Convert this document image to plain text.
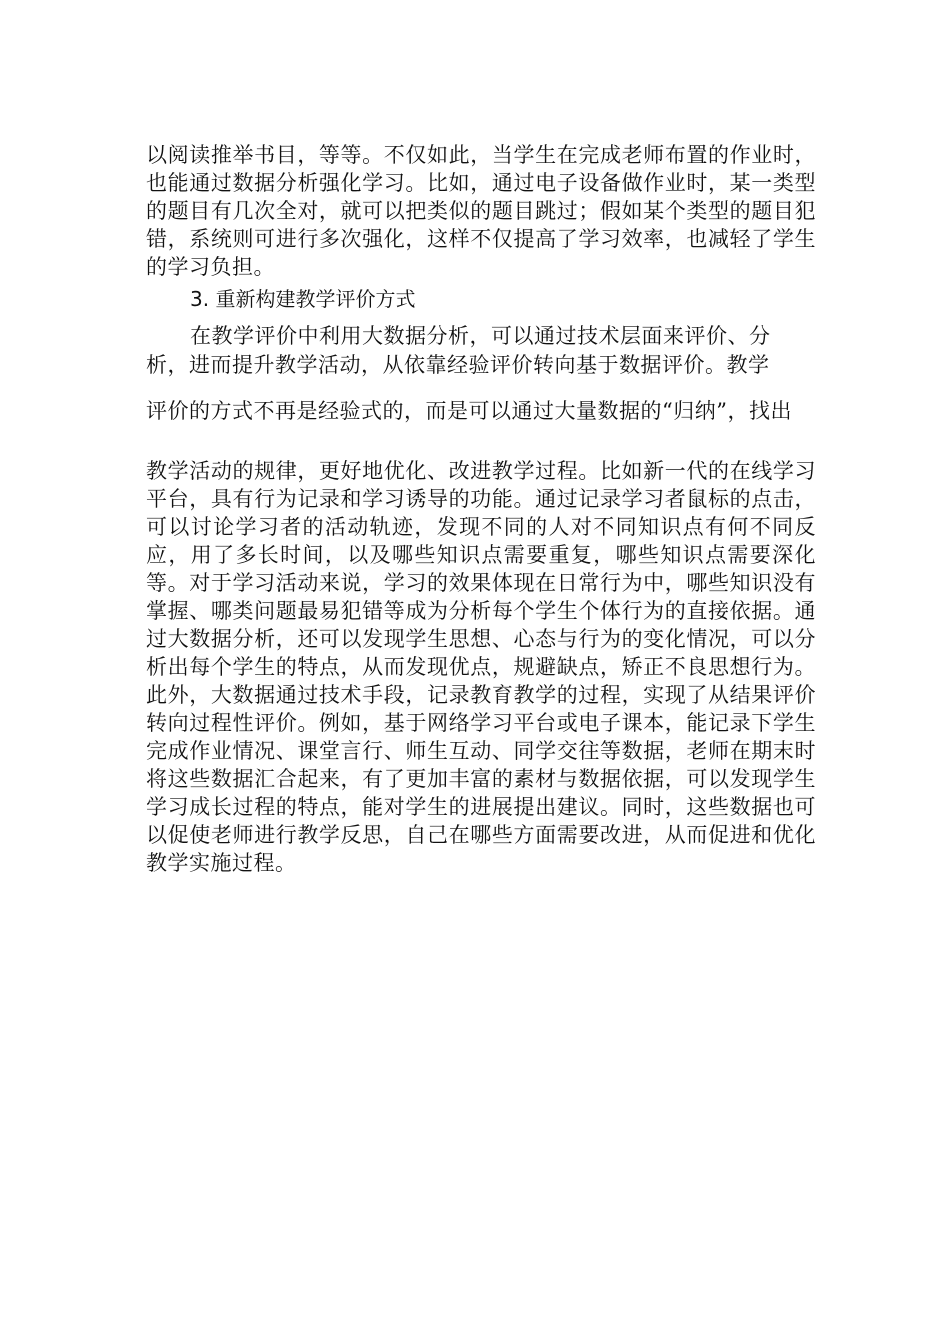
以阅读推举书目，等等。不仅如此，当学生在完成老师布置的作业时，也能通过数据分析强化学习。比如，通过电子设备做作业时，某一类型的题目有几次全对，就可以把类似的题目跳过；假如某个类型的题目犯错，系统则可进行多次强化，这样不仅提高了学习效率，也减轻了学生的学习负担。

3. 重新构建教学评价方式
在教学评价中利用大数据分析，可以通过技术层面来评价、分
析，进而提升教学活动，从依靠经验评价转向基于数据评价。教学
评价的方式不再是经验式的，而是可以通过大量数据的“归纳”，找出

教学活动的规律，更好地优化、改进教学过程。比如新一代的在线学习平台，具有行为记录和学习诱导的功能。通过记录学习者鼠标的点击，可以讨论学习者的活动轨迹，发现不同的人对不同知识点有何不同反应，用了多长时间，以及哪些知识点需要重复，哪些知识点需要深化等。对于学习活动来说，学习的效果体现在日常行为中，哪些知识没有掌握、哪类问题最易犯错等成为分析每个学生个体行为的直接依据。通过大数据分析，还可以发现学生思想、心态与行为的变化情况，可以分析出每个学生的特点，从而发现优点，规避缺点，矫正不良思想行为。此外，大数据通过技术手段，记录教育教学的过程，实现了从结果评价转向过程性评价。例如，基于网络学习平台或电子课本，能记录下学生完成作业情况、课堂言行、师生互动、同学交往等数据，老师在期末时将这些数据汇合起来，有了更加丰富的素材与数据依据，可以发现学生学习成长过程的特点，能对学生的进展提出建议。同时，这些数据也可以促使老师进行教学反思，自己在哪些方面需要改进，从而促进和优化教学实施过程。
